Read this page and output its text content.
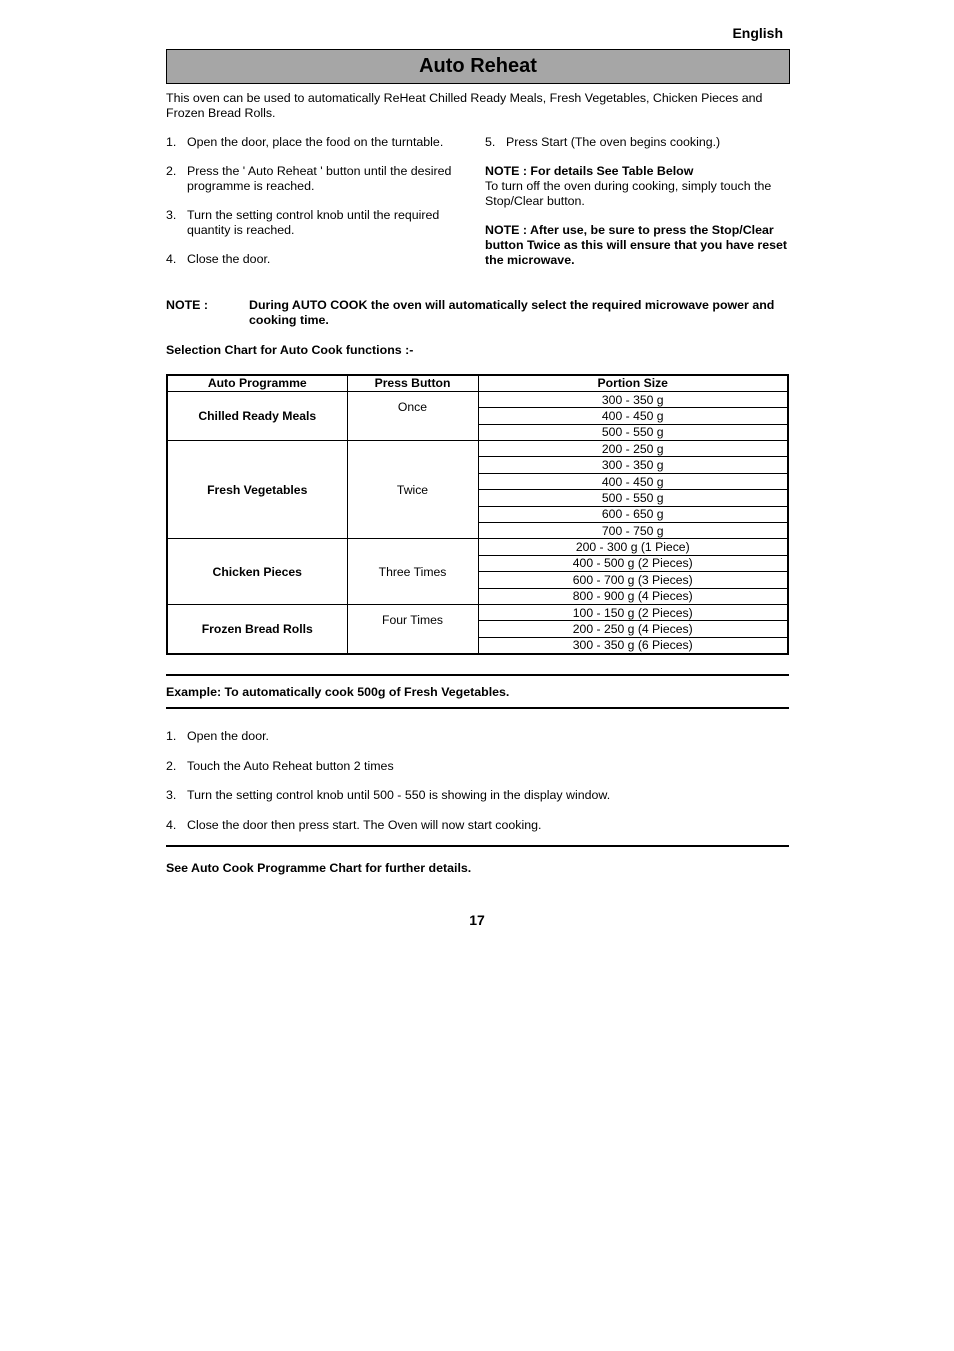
English
Auto Reheat

This oven can be used to automatically ReHeat Chilled Ready Meals, Fresh Vegetables, Chicken Pieces and Frozen Bread Rolls.

1. Open the door, place the food on the turntable.
2. Press the ' Auto Reheat ' button until the desired programme is reached.
3. Turn the setting control knob until the required quantity is reached.
4. Close the door.

5. Press Start (The oven begins cooking.)

NOTE : For details See Table Below
To turn off the oven during cooking, simply touch the Stop/Clear button.

NOTE : After use, be sure to press the Stop/Clear button Twice as this will ensure that you have reset the microwave.

NOTE :	During AUTO COOK the oven will automatically select the required microwave power and cooking time.
Selection Chart for Auto Cook functions :-
Auto Programme	Press Button	Portion Size
Chilled Ready Meals	Once	300 - 350 g
		400 - 450 g
		500 - 550 g
Fresh Vegetables	Twice	200 - 250 g
		300 - 350 g
		400 - 450 g
		500 - 550 g
		600 - 650 g
		700 - 750 g
Chicken Pieces	Three Times	200 - 300 g (1 Piece)
		400 - 500 g (2 Pieces)
		600 - 700 g (3 Pieces)
		800 - 900 g (4 Pieces)
Frozen Bread Rolls	Four Times	100 - 150 g (2 Pieces)
		200 - 250 g (4 Pieces)
		300 - 350 g (6 Pieces)
Example: To automatically cook 500g of Fresh Vegetables.
1. Open the door.
2. Touch the Auto Reheat button 2 times
3. Turn the setting control knob until 500 - 550 is showing in the display window.
4. Close the door then press start. The Oven will now start cooking.
See Auto Cook Programme Chart for further details.
17
